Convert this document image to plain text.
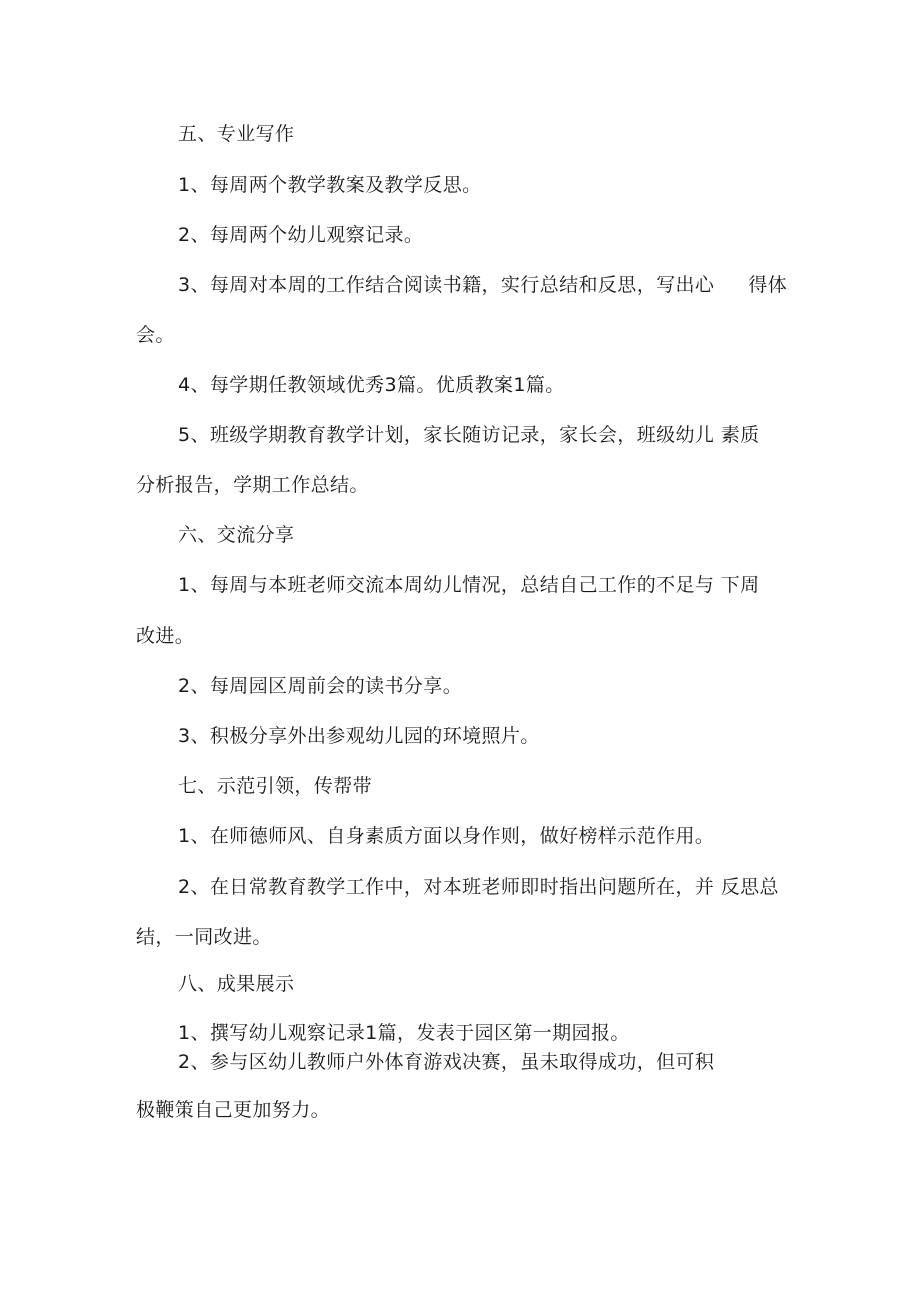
五、专业写作
1、每周两个教学教案及教学反思。
2、每周两个幼儿观察记录。
3、每周对本周的工作结合阅读书籍，实行总结和反思，写出心 得体
会。
4、每学期任教领域优秀3篇。优质教案1篇。
5、班级学期教育教学计划，家长随访记录，家长会，班级幼儿 素质
分析报告，学期工作总结。
六、交流分享
1、每周与本班老师交流本周幼儿情况，总结自己工作的不足与 下周
改进。
2、每周园区周前会的读书分享。
3、积极分享外出参观幼儿园的环境照片。
七、示范引领，传帮带
1、在师德师风、自身素质方面以身作则，做好榜样示范作用。
2、在日常教育教学工作中，对本班老师即时指出问题所在，并 反思总
结，一同改进。
八、成果展示
1、撰写幼儿观察记录1篇，发表于园区第一期园报。
2、参与区幼儿教师户外体育游戏决赛，虽未取得成功，但可积
极鞭策自己更加努力。
